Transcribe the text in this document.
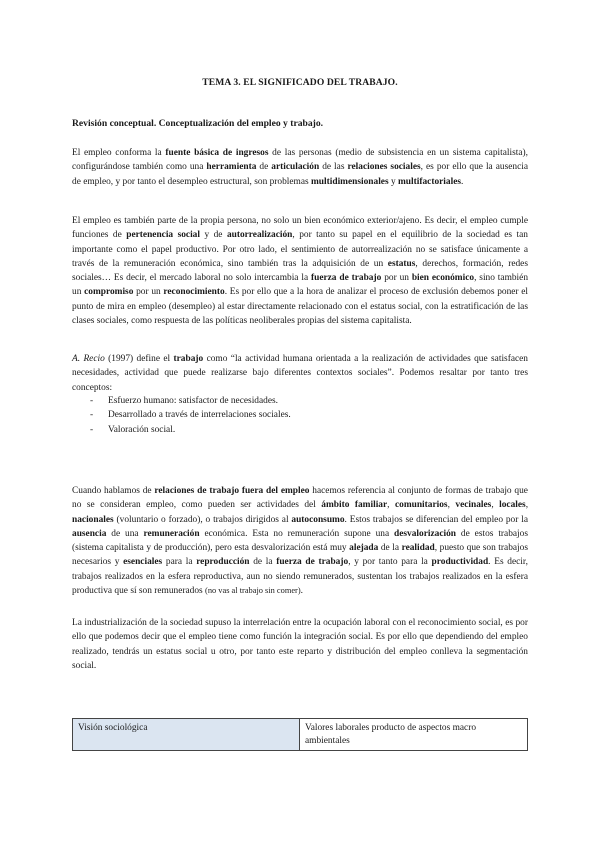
TEMA 3. EL SIGNIFICADO DEL TRABAJO.
Revisión conceptual. Conceptualización del empleo y trabajo.

El empleo conforma la fuente básica de ingresos de las personas (medio de subsistencia en un sistema capitalista), configurándose también como una herramienta de articulación de las relaciones sociales, es por ello que la ausencia de empleo, y por tanto el desempleo estructural, son problemas multidimensionales y multifactoriales.

El empleo es también parte de la propia persona, no solo un bien económico exterior/ajeno. Es decir, el empleo cumple funciones de pertenencia social y de autorrealización, por tanto su papel en el equilibrio de la sociedad es tan importante como el papel productivo. Por otro lado, el sentimiento de autorrealización no se satisface únicamente a través de la remuneración económica, sino también tras la adquisición de un estatus, derechos, formación, redes sociales… Es decir, el mercado laboral no solo intercambia la fuerza de trabajo por un bien económico, sino también un compromiso por un reconocimiento. Es por ello que a la hora de analizar el proceso de exclusión debemos poner el punto de mira en empleo (desempleo) al estar directamente relacionado con el estatus social, con la estratificación de las clases sociales, como respuesta de las políticas neoliberales propias del sistema capitalista.

A. Recio (1997) define el trabajo como “la actividad humana orientada a la realización de actividades que satisfacen necesidades, actividad que puede realizarse bajo diferentes contextos sociales”. Podemos resaltar por tanto tres conceptos:

- Esfuerzo humano: satisfactor de necesidades.
- Desarrollado a través de interrelaciones sociales.
- Valoración social.

Cuando hablamos de relaciones de trabajo fuera del empleo hacemos referencia al conjunto de formas de trabajo que no se consideran empleo, como pueden ser actividades del ámbito familiar, comunitarios, vecinales, locales, nacionales (voluntario o forzado), o trabajos dirigidos al autoconsumo. Estos trabajos se diferencian del empleo por la ausencia de una remuneración económica. Esta no remuneración supone una desvalorización de estos trabajos (sistema capitalista y de producción), pero esta desvalorización está muy alejada de la realidad, puesto que son trabajos necesarios y esenciales para la reproducción de la fuerza de trabajo, y por tanto para la productividad. Es decir, trabajos realizados en la esfera reproductiva, aun no siendo remunerados, sustentan los trabajos realizados en la esfera productiva que sí son remunerados (no vas al trabajo sin comer).

La industrialización de la sociedad supuso la interrelación entre la ocupación laboral con el reconocimiento social, es por ello que podemos decir que el empleo tiene como función la integración social. Es por ello que dependiendo del empleo realizado, tendrás un estatus social u otro, por tanto este reparto y distribución del empleo conlleva la segmentación social.

Visión sociológica	Valores laborales producto de aspectos macro ambientales
